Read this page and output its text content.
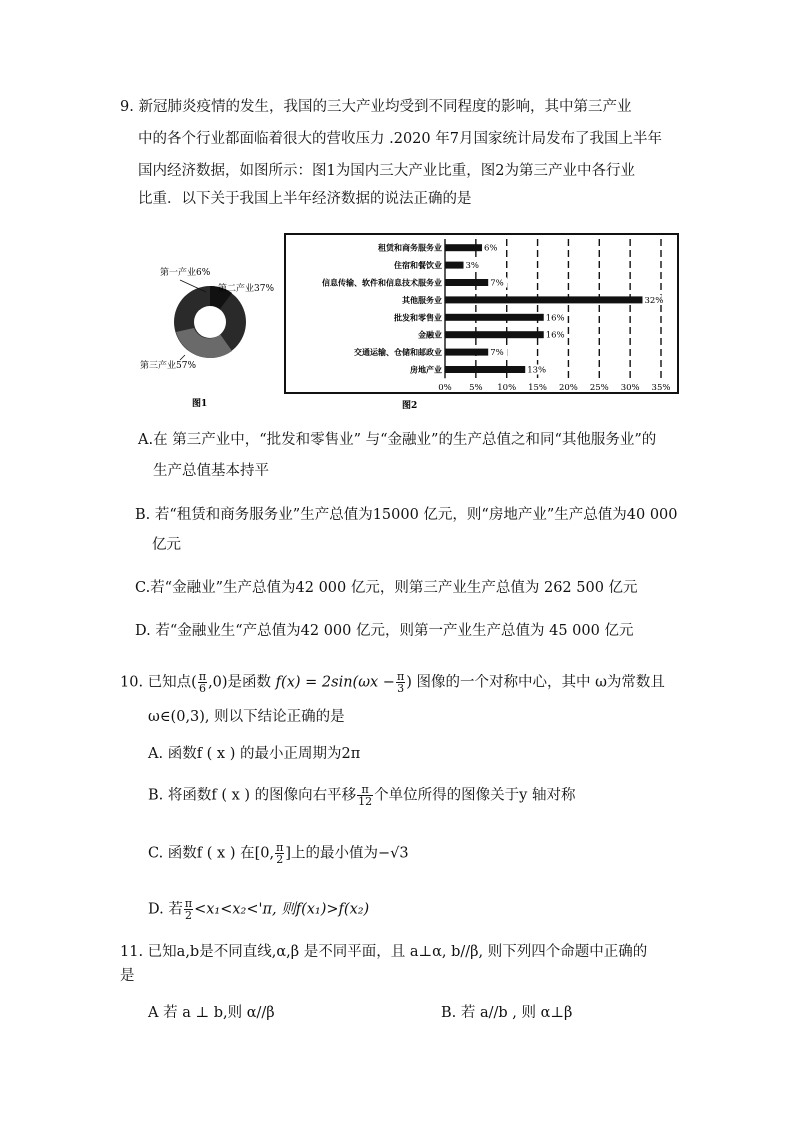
9. 新冠肺炎疫情的发生，我国的三大产业均受到不同程度的影响，其中第三产业
中的各个行业都面临着很大的营收压力 .2020 年7月国家统计局发布了我国上半年
国内经济数据，如图所示：图1为国内三大产业比重，图2为第三产业中各行业
比重．以下关于我国上半年经济数据的说法正确的是
第一产业6%
第二产业37%
第三产业57%
图1
6%
3%
7%
32%
16%
16%
7%
13%
租赁和商务服务业
住宿和餐饮业
信息传输、软件和信息技术服务业
其他服务业
批发和零售业
金融业
交通运输、仓储和邮政业
房地产业
0% 5% 10% 15% 20% 25% 30% 35%
图2
A.在 第三产业中，“批发和零售业” 与“金融业”的生产总值之和同“其他服务业”的
生产总值基本持平
B. 若“租赁和商务服务业”生产总值为15000 亿元，则“房地产业”生产总值为40 000
亿元
C.若“金融业”生产总值为42 000 亿元，则第三产业生产总值为 262 500 亿元
D. 若“金融业生“产总值为42 000 亿元，则第一产业生产总值为 45 000 亿元
10. 已知点( $\frac{\pi}{6} ,0$)是函数 $f(x) = 2\sin(\omega x - \frac{\pi}{3}$ ) 图像的一个对称中心，其中 ω为常数且
ω∈(0,3), 则以下结论正确的是
A. 函数f ( x ) 的最小正周期为2π
B. 将函数f ( x ) 的图像向右平移 $\frac{\pi}{12}$ 个单位所得的图像关于y 轴对称
C. 函数f ( x ) 在[0, $\frac{\pi}{2}$ ]上的最小值为−√3
D. 若 $\frac{\pi}{2} <x_1<x_2<'\pi$, 则f(x₁)>f(x₂)
11. 已知a,b是不同直线,α,β 是不同平面，且 a⊥α, b//β, 则下列四个命题中正确的
是
A 若 a ⊥ b,则 α//β	B. 若 a//b , 则 α⊥β
